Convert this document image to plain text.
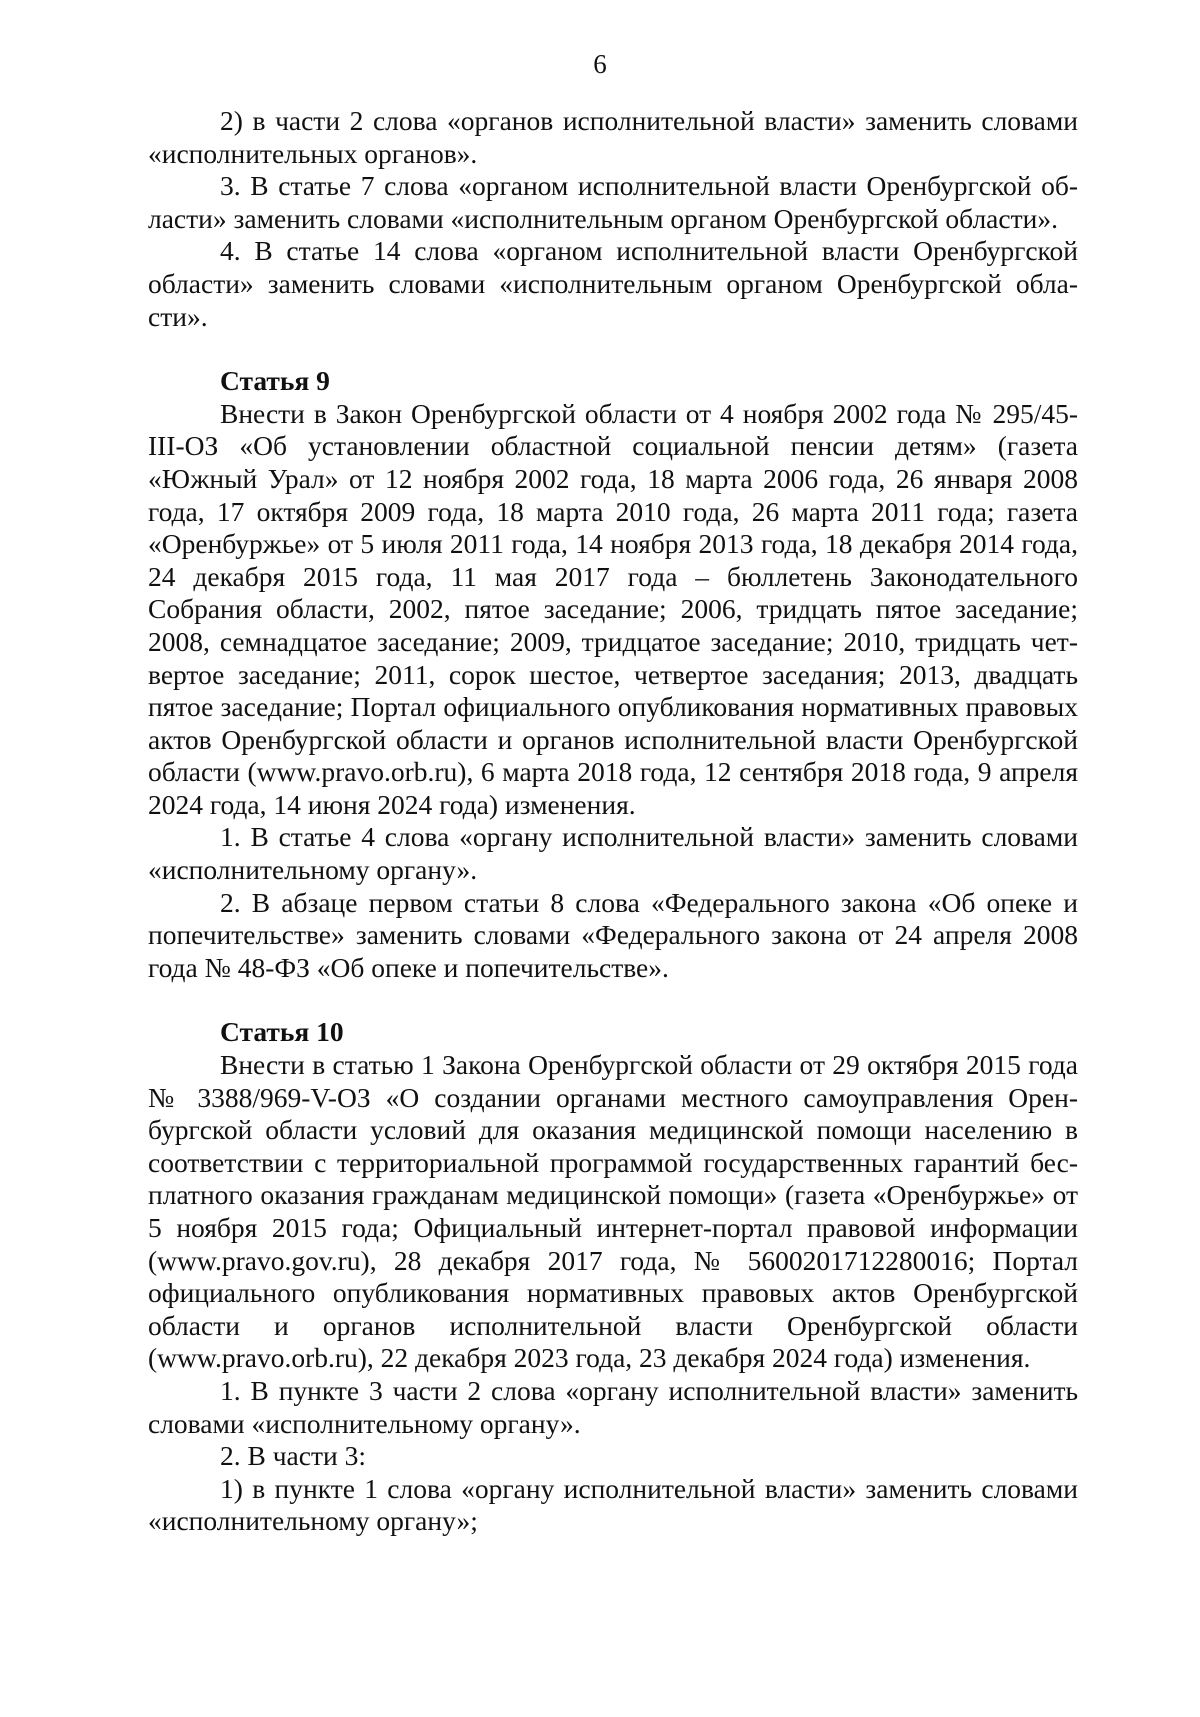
6

2) в части 2 слова «органов исполнительной власти» заменить словами «исполнительных органов».

3. В статье 7 слова «органом исполнительной власти Оренбургской области» заменить словами «исполнительным органом Оренбургской области».

4. В статье 14 слова «органом исполнительной власти Оренбургской области» заменить словами «исполнительным органом Оренбургской области».

Статья 9

Внести в Закон Оренбургской области от 4 ноября 2002 года № 295/45-III-ОЗ «Об установлении областной социальной пенсии детям» (газета «Южный Урал» от 12 ноября 2002 года, 18 марта 2006 года, 26 января 2008 года, 17 октября 2009 года, 18 марта 2010 года, 26 марта 2011 года; газета «Оренбуржье» от 5 июля 2011 года, 14 ноября 2013 года, 18 декабря 2014 года, 24 декабря 2015 года, 11 мая 2017 года – бюллетень Законодательного Собрания области, 2002, пятое заседание; 2006, тридцать пятое заседание; 2008, семнадцатое заседание; 2009, тридцатое заседание; 2010, тридцать четвертое заседание; 2011, сорок шестое, четвертое заседания; 2013, двадцать пятое заседание; Портал официального опубликования нормативных правовых актов Оренбургской области и органов исполнительной власти Оренбургской области (www.pravo.orb.ru), 6 марта 2018 года, 12 сентября 2018 года, 9 апреля 2024 года, 14 июня 2024 года) изменения.

1. В статье 4 слова «органу исполнительной власти» заменить словами «исполнительному органу».

2. В абзаце первом статьи 8 слова «Федерального закона «Об опеке и попечительстве» заменить словами «Федерального закона от 24 апреля 2008 года № 48-ФЗ «Об опеке и попечительстве».

Статья 10

Внести в статью 1 Закона Оренбургской области от 29 октября 2015 года № 3388/969-V-ОЗ «О создании органами местного самоуправления Оренбургской области условий для оказания медицинской помощи населению в соответствии с территориальной программой государственных гарантий бесплатного оказания гражданам медицинской помощи» (газета «Оренбуржье» от 5 ноября 2015 года; Официальный интернет-портал правовой информации (www.pravo.gov.ru), 28 декабря 2017 года, № 5600201712280016; Портал официального опубликования нормативных правовых актов Оренбургской области и органов исполнительной власти Оренбургской области (www.pravo.orb.ru), 22 декабря 2023 года, 23 декабря 2024 года) изменения.

1. В пункте 3 части 2 слова «органу исполнительной власти» заменить словами «исполнительному органу».

2. В части 3:

1) в пункте 1 слова «органу исполнительной власти» заменить словами «исполнительному органу»;
